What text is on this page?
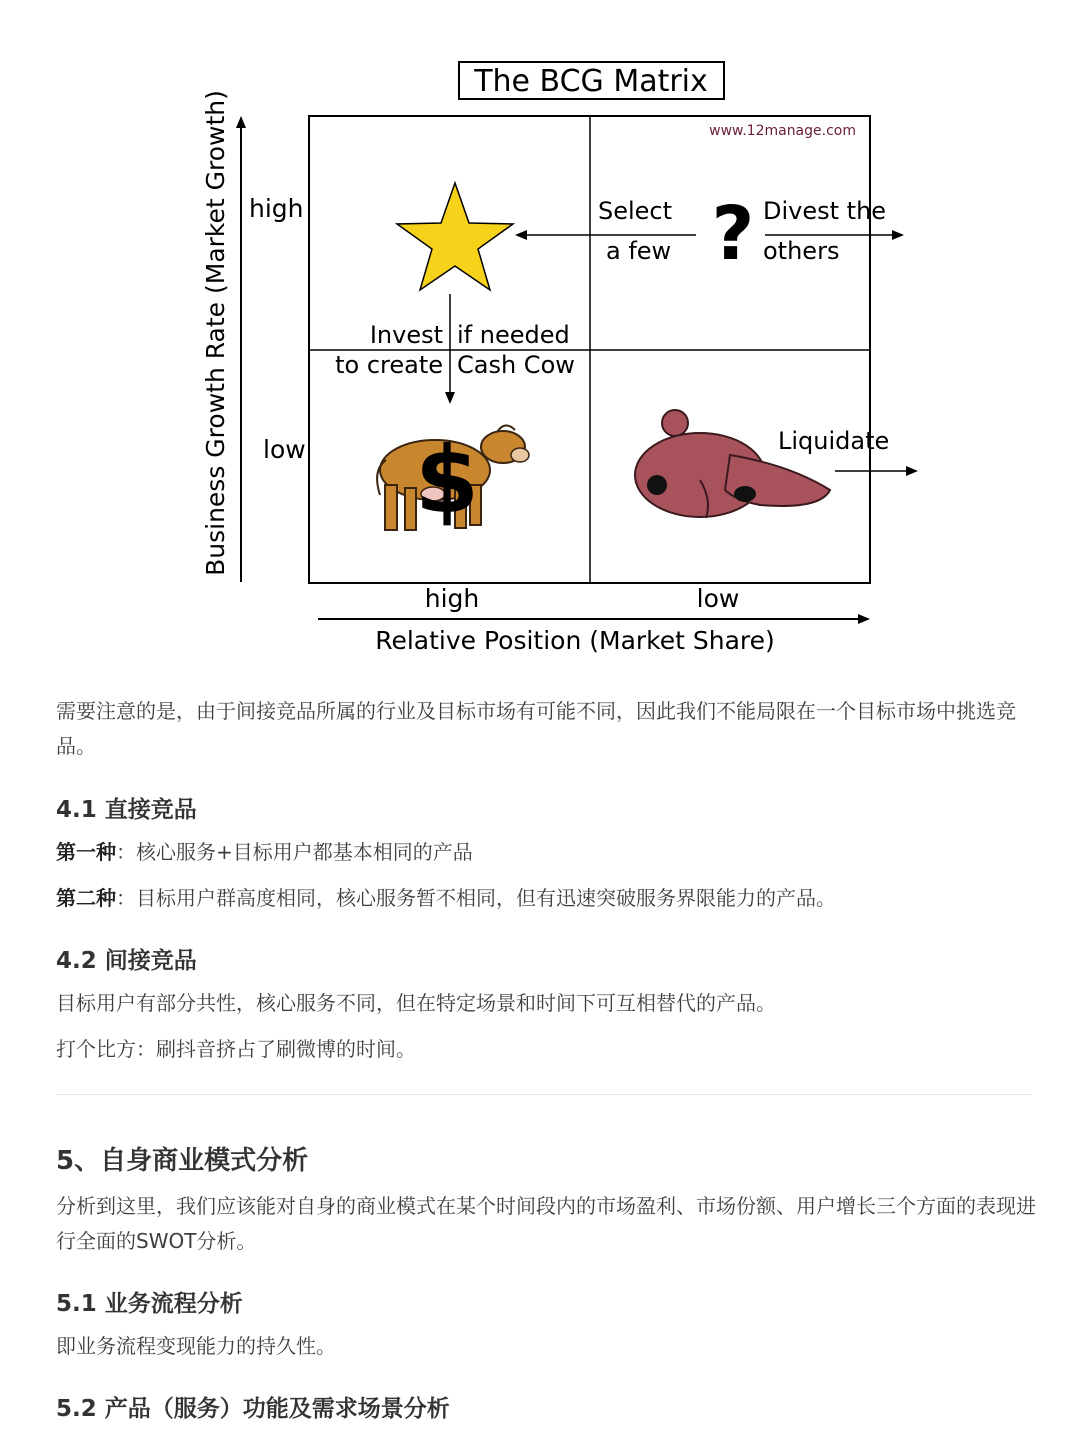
The BCG Matrix
Business Growth Rate (Market Growth)	www.12manage.com
high
low
Select
a few ? Divest the
others
Invest if needed
to create Cash Cow
$	Liquidate
high	low
Relative Position (Market Share)

需要注意的是，由于间接竞品所属的行业及目标市场有可能不同，因此我们不能局限在一个目标市场中挑选竞品。

4.1 直接竞品

第一种：核心服务+目标用户都基本相同的产品

第二种：目标用户群高度相同，核心服务暂不相同，但有迅速突破服务界限能力的产品。

4.2 间接竞品

目标用户有部分共性，核心服务不同，但在特定场景和时间下可互相替代的产品。

打个比方：刷抖音挤占了刷微博的时间。

5、自身商业模式分析

分析到这里，我们应该能对自身的商业模式在某个时间段内的市场盈利、市场份额、用户增长三个方面的表现进行全面的SWOT分析。

5.1 业务流程分析

即业务流程变现能力的持久性。

5.2 产品（服务）功能及需求场景分析
